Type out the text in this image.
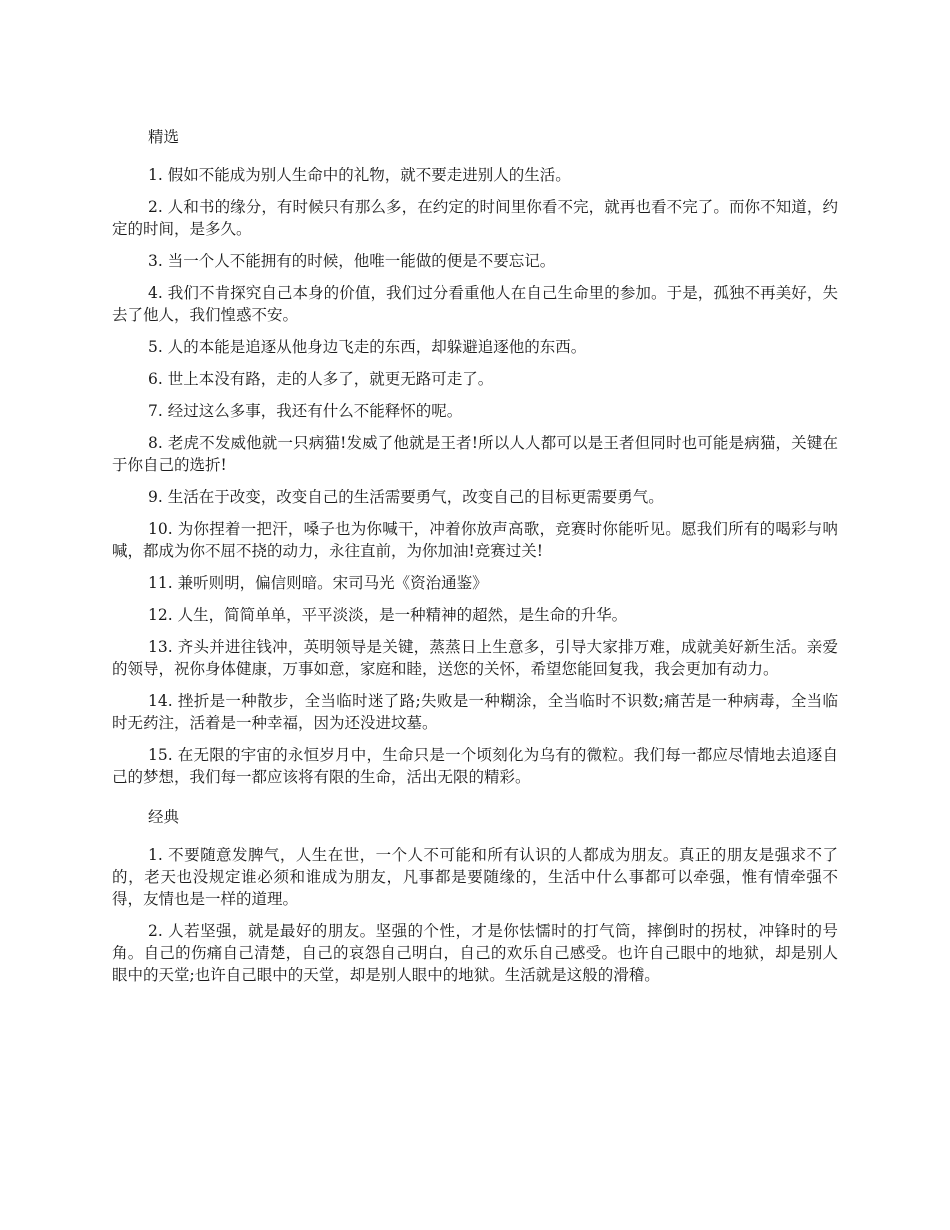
精选

1. 假如不能成为别人生命中的礼物，就不要走进别人的生活。

2. 人和书的缘分，有时候只有那么多，在约定的时间里你看不完，就再也看不完了。而你不知道，约定的时间，是多久。

3. 当一个人不能拥有的时候，他唯一能做的便是不要忘记。

4. 我们不肯探究自己本身的价值，我们过分看重他人在自己生命里的参加。于是，孤独不再美好，失去了他人，我们惶惑不安。

5. 人的本能是追逐从他身边飞走的东西，却躲避追逐他的东西。

6. 世上本没有路，走的人多了，就更无路可走了。

7. 经过这么多事，我还有什么不能释怀的呢。

8. 老虎不发威他就一只病猫!发威了他就是王者!所以人人都可以是王者但同时也可能是病猫，关键在于你自己的选折!

9. 生活在于改变，改变自己的生活需要勇气，改变自己的目标更需要勇气。

10. 为你捏着一把汗，嗓子也为你喊干，冲着你放声高歌，竞赛时你能听见。愿我们所有的喝彩与呐喊，都成为你不屈不挠的动力，永往直前，为你加油!竞赛过关!

11. 兼听则明，偏信则暗。宋司马光《资治通鉴》

12. 人生，简简单单，平平淡淡，是一种精神的超然，是生命的升华。

13. 齐头并进往钱冲，英明领导是关键，蒸蒸日上生意多，引导大家排万难，成就美好新生活。亲爱的领导，祝你身体健康，万事如意，家庭和睦，送您的关怀，希望您能回复我，我会更加有动力。

14. 挫折是一种散步，全当临时迷了路;失败是一种糊涂，全当临时不识数;痛苦是一种病毒，全当临时无药注，活着是一种幸福，因为还没进坟墓。

15. 在无限的宇宙的永恒岁月中，生命只是一个顷刻化为乌有的微粒。我们每一都应尽情地去追逐自己的梦想，我们每一都应该将有限的生命，活出无限的精彩。

经典

1. 不要随意发脾气，人生在世，一个人不可能和所有认识的人都成为朋友。真正的朋友是强求不了的，老天也没规定谁必须和谁成为朋友，凡事都是要随缘的，生活中什么事都可以牵强，惟有情牵强不得，友情也是一样的道理。

2. 人若坚强，就是最好的朋友。坚强的个性，才是你怯懦时的打气筒，摔倒时的拐杖，冲锋时的号角。自己的伤痛自己清楚，自己的哀怨自己明白，自己的欢乐自己感受。也许自己眼中的地狱，却是别人眼中的天堂;也许自己眼中的天堂，却是别人眼中的地狱。生活就是这般的滑稽。
